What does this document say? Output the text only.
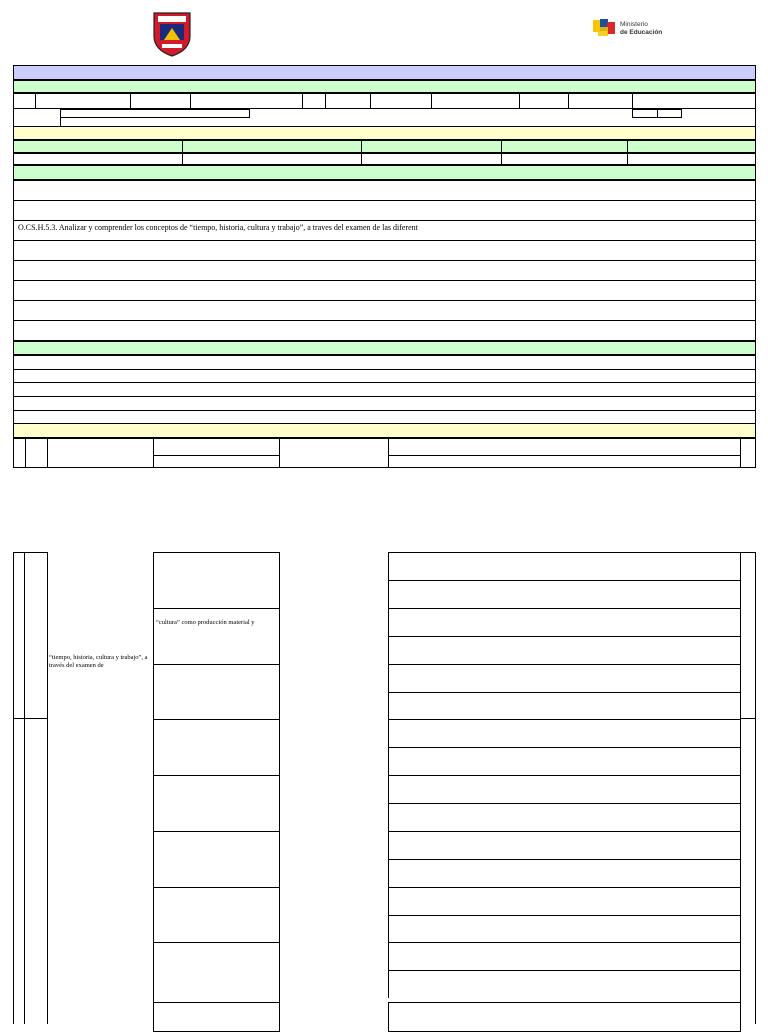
Ministerio
de Educación
O.CS.H.5.3. Analizar y comprender los conceptos de “tiempo, historia, cultura y trabajo”, a traves del examen de las diferent
“tiempo, historia, cultura y trabajo”, a través del examen de
“cultura” como producción material y
